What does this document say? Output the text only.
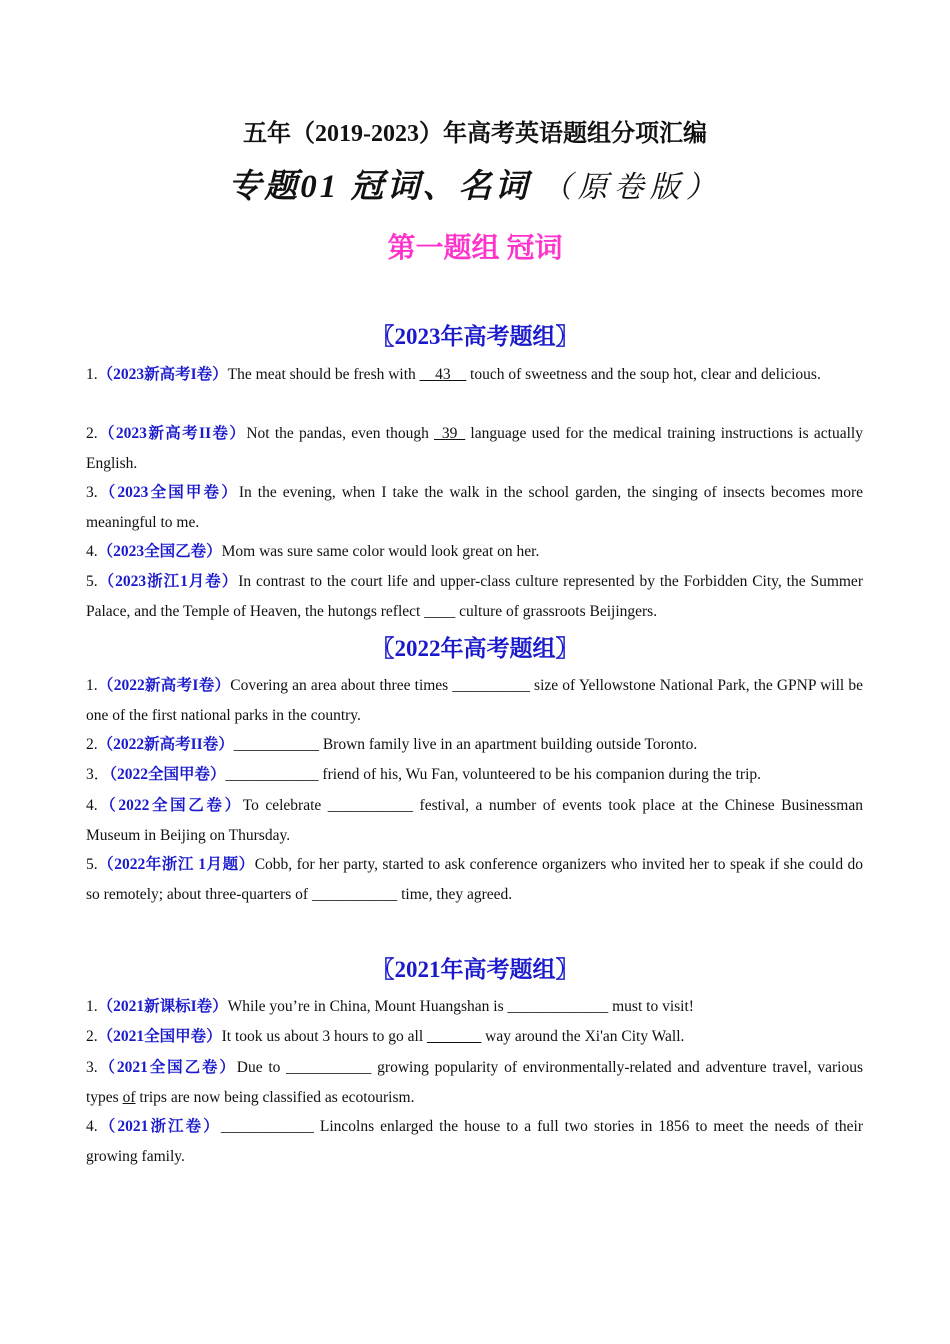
五年（2019-2023）年高考英语题组分项汇编
专题01 冠词、名词 （原卷版）
第一题组 冠词
〖2023年高考题组〗
1.（2023新高考I卷）The meat should be fresh with __43__ touch of sweetness and the soup hot, clear and delicious.
2.（2023新高考II卷）Not the pandas, even though _39_ language used for the medical training instructions is actually English.
3.（2023全国甲卷）In the evening, when I take the walk in the school garden, the singing of insects becomes more meaningful to me.
4.（2023全国乙卷）Mom was sure same color would look great on her.
5.（2023浙江1月卷）In contrast to the court life and upper-class culture represented by the Forbidden City, the Summer Palace, and the Temple of Heaven, the hutongs reflect ____ culture of grassroots Beijingers.
〖2022年高考题组〗
1.（2022新高考I卷）Covering an area about three times __________ size of Yellowstone National Park, the GPNP will be one of the first national parks in the country.
2.（2022新高考II卷）___________ Brown family live in an apartment building outside Toronto.
3．（2022全国甲卷）____________ friend of his, Wu Fan, volunteered to be his companion during the trip.
4.（2022全国乙卷）To celebrate ___________ festival, a number of events took place at the Chinese Businessman Museum in Beijing on Thursday.
5.（2022年浙江 1月题）Cobb, for her party, started to ask conference organizers who invited her to speak if she could do so remotely; about three-quarters of ___________ time, they agreed.
〖2021年高考题组〗
1.（2021新课标I卷）While you’re in China, Mount Huangshan is _____________ must to visit!
2.（2021全国甲卷）It took us about 3 hours to go all _______ way around the Xi'an City Wall.
3.（2021全国乙卷）Due to ___________ growing popularity of environmentally-related and adventure travel, various types of trips are now being classified as ecotourism.
4.（2021浙江卷）____________ Lincolns enlarged the house to a full two stories in 1856 to meet the needs of their growing family.
